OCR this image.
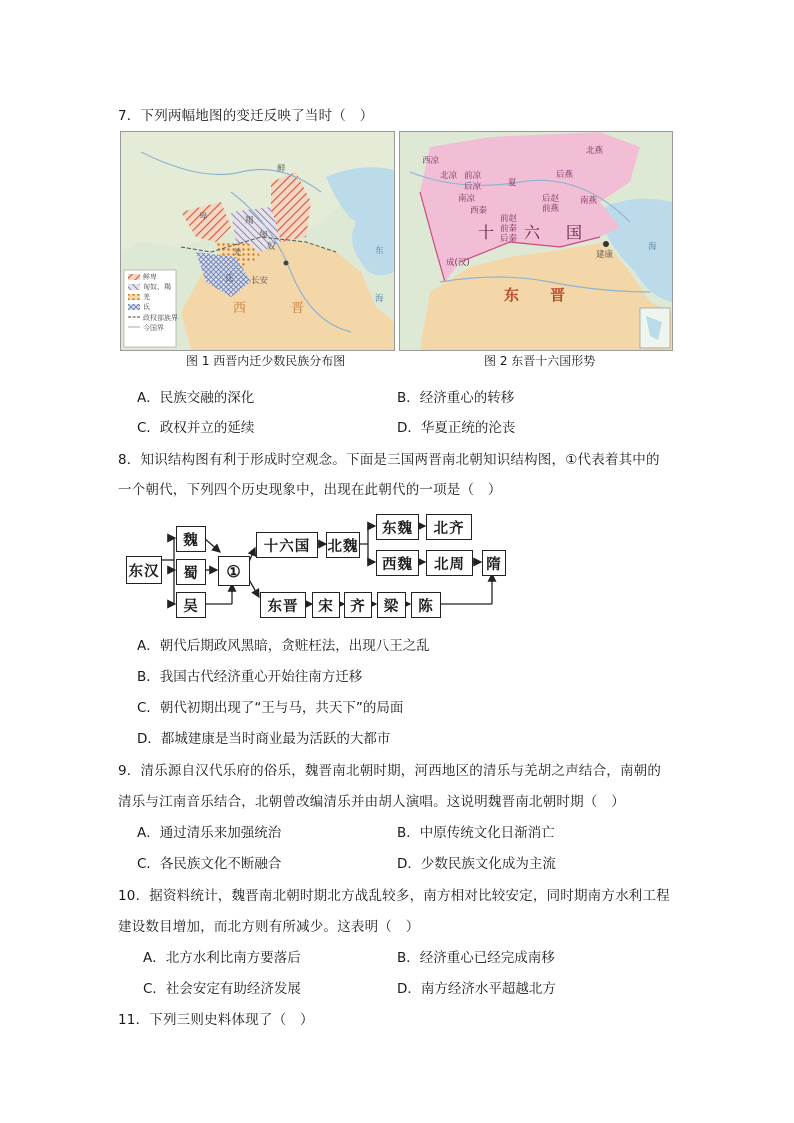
7．下列两幅地图的变迁反映了当时（　）
鲜
卑
匈
奴
羯
羌
氐 长安
西	晋
东
海
鲜卑
匈奴、羯
羌
氐
政权部族界
今国界
西凉
北凉 前凉
后凉
南凉
西秦
夏
前赵
前秦
后秦
后赵
前燕
北燕
后燕
南燕
十 六 国
成(汉)
建康
东 晋
海
图 1 西晋内迁少数民族分布图	图 2 东晋十六国形势
A．民族交融的深化	B．经济重心的转移
C．政权并立的延续	D．华夏正统的沦丧
8．知识结构图有利于形成时空观念。下面是三国两晋南北朝知识结构图，①代表着其中的
一个朝代，下列四个历史现象中，出现在此朝代的一项是（　）
东汉
魏
蜀
吴
①
十六国	北魏
东魏	北齐
西魏	北周	隋
东晋	宋	齐	梁	陈
A．朝代后期政风黑暗，贪赃枉法，出现八王之乱
B．我国古代经济重心开始往南方迁移
C．朝代初期出现了“王与马，共天下”的局面
D．都城建康是当时商业最为活跃的大都市
9．清乐源自汉代乐府的俗乐，魏晋南北朝时期，河西地区的清乐与羌胡之声结合，南朝的
清乐与江南音乐结合，北朝曾改编清乐并由胡人演唱。这说明魏晋南北朝时期（　）
A．通过清乐来加强统治	B．中原传统文化日渐消亡
C．各民族文化不断融合	D．少数民族文化成为主流
10．据资料统计，魏晋南北朝时期北方战乱较多，南方相对比较安定，同时期南方水利工程
建设数目增加，而北方则有所减少。这表明（　）
A．北方水利比南方要落后	B．经济重心已经完成南移
C．社会安定有助经济发展	D．南方经济水平超越北方
11．下列三则史料体现了（　）
